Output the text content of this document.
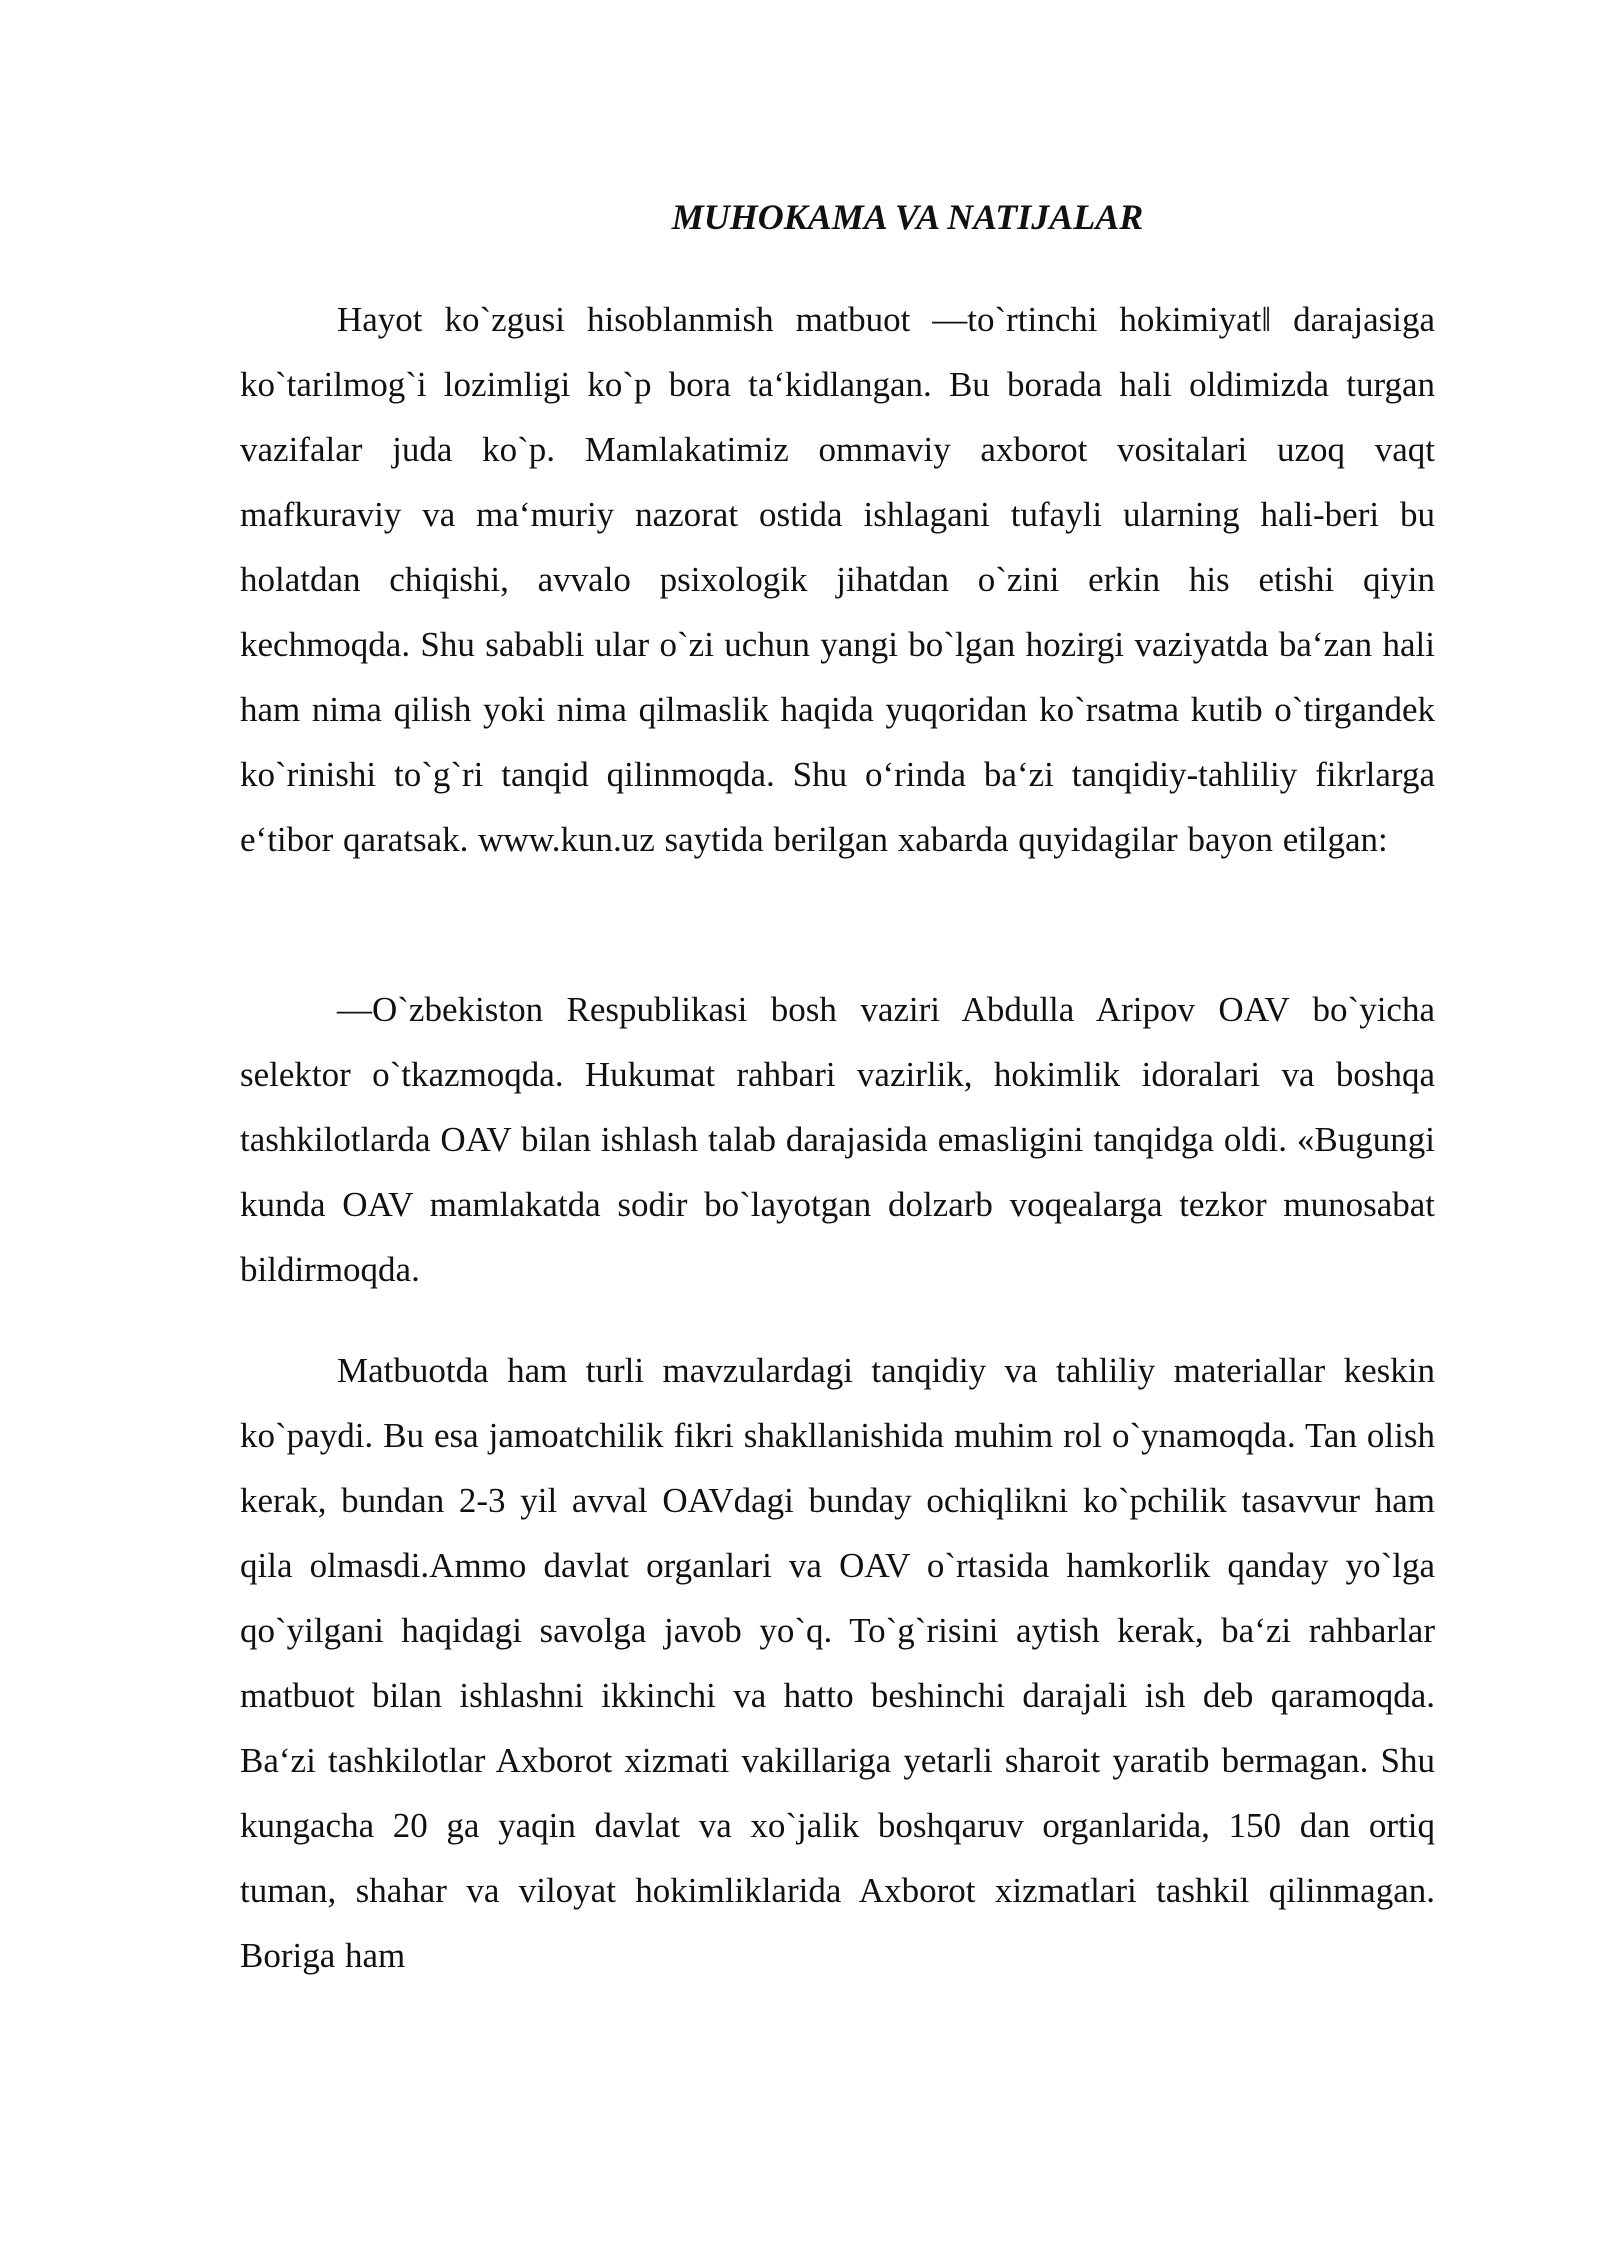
MUHOKAMA VA NATIJALAR

Hayot ko`zgusi hisoblanmish matbuot ―to`rtinchi hokimiyat‖ darajasiga ko`tarilmog`i lozimligi ko`p bora ta‘kidlangan. Bu borada hali oldimizda turgan vazifalar juda ko`p. Mamlakatimiz ommaviy axborot vositalari uzoq vaqt mafkuraviy va ma‘muriy nazorat ostida ishlagani tufayli ularning hali-beri bu holatdan chiqishi, avvalo psixologik jihatdan o`zini erkin his etishi qiyin kechmoqda. Shu sababli ular o`zi uchun yangi bo`lgan hozirgi vaziyatda ba‘zan hali ham nima qilish yoki nima qilmaslik haqida yuqoridan ko`rsatma kutib o`tirgandek ko`rinishi to`g`ri tanqid qilinmoqda. Shu o‘rinda ba‘zi tanqidiy-tahliliy fikrlarga e‘tibor qaratsak. www.kun.uz saytida berilgan xabarda quyidagilar bayon etilgan:

―O`zbekiston Respublikasi bosh vaziri Abdulla Aripov OAV bo`yicha selektor o`tkazmoqda. Hukumat rahbari vazirlik, hokimlik idoralari va boshqa tashkilotlarda OAV bilan ishlash talab darajasida emasligini tanqidga oldi. «Bugungi kunda OAV mamlakatda sodir bo`layotgan dolzarb voqealarga tezkor munosabat bildirmoqda.

Matbuotda ham turli mavzulardagi tanqidiy va tahliliy materiallar keskin ko`paydi. Bu esa jamoatchilik fikri shakllanishida muhim rol o`ynamoqda. Tan olish kerak, bundan 2-3 yil avval OAVdagi bunday ochiqlikni ko`pchilik tasavvur ham qila olmasdi.Ammo davlat organlari va OAV o`rtasida hamkorlik qanday yo`lga qo`yilgani haqidagi savolga javob yo`q. To`g`risini aytish kerak, ba‘zi rahbarlar matbuot bilan ishlashni ikkinchi va hatto beshinchi darajali ish deb qaramoqda. Ba‘zi tashkilotlar Axborot xizmati vakillariga yetarli sharoit yaratib bermagan. Shu kungacha 20 ga yaqin davlat va xo`jalik boshqaruv organlarida, 150 dan ortiq tuman, shahar va viloyat hokimliklarida Axborot xizmatlari tashkil qilinmagan. Boriga ham
